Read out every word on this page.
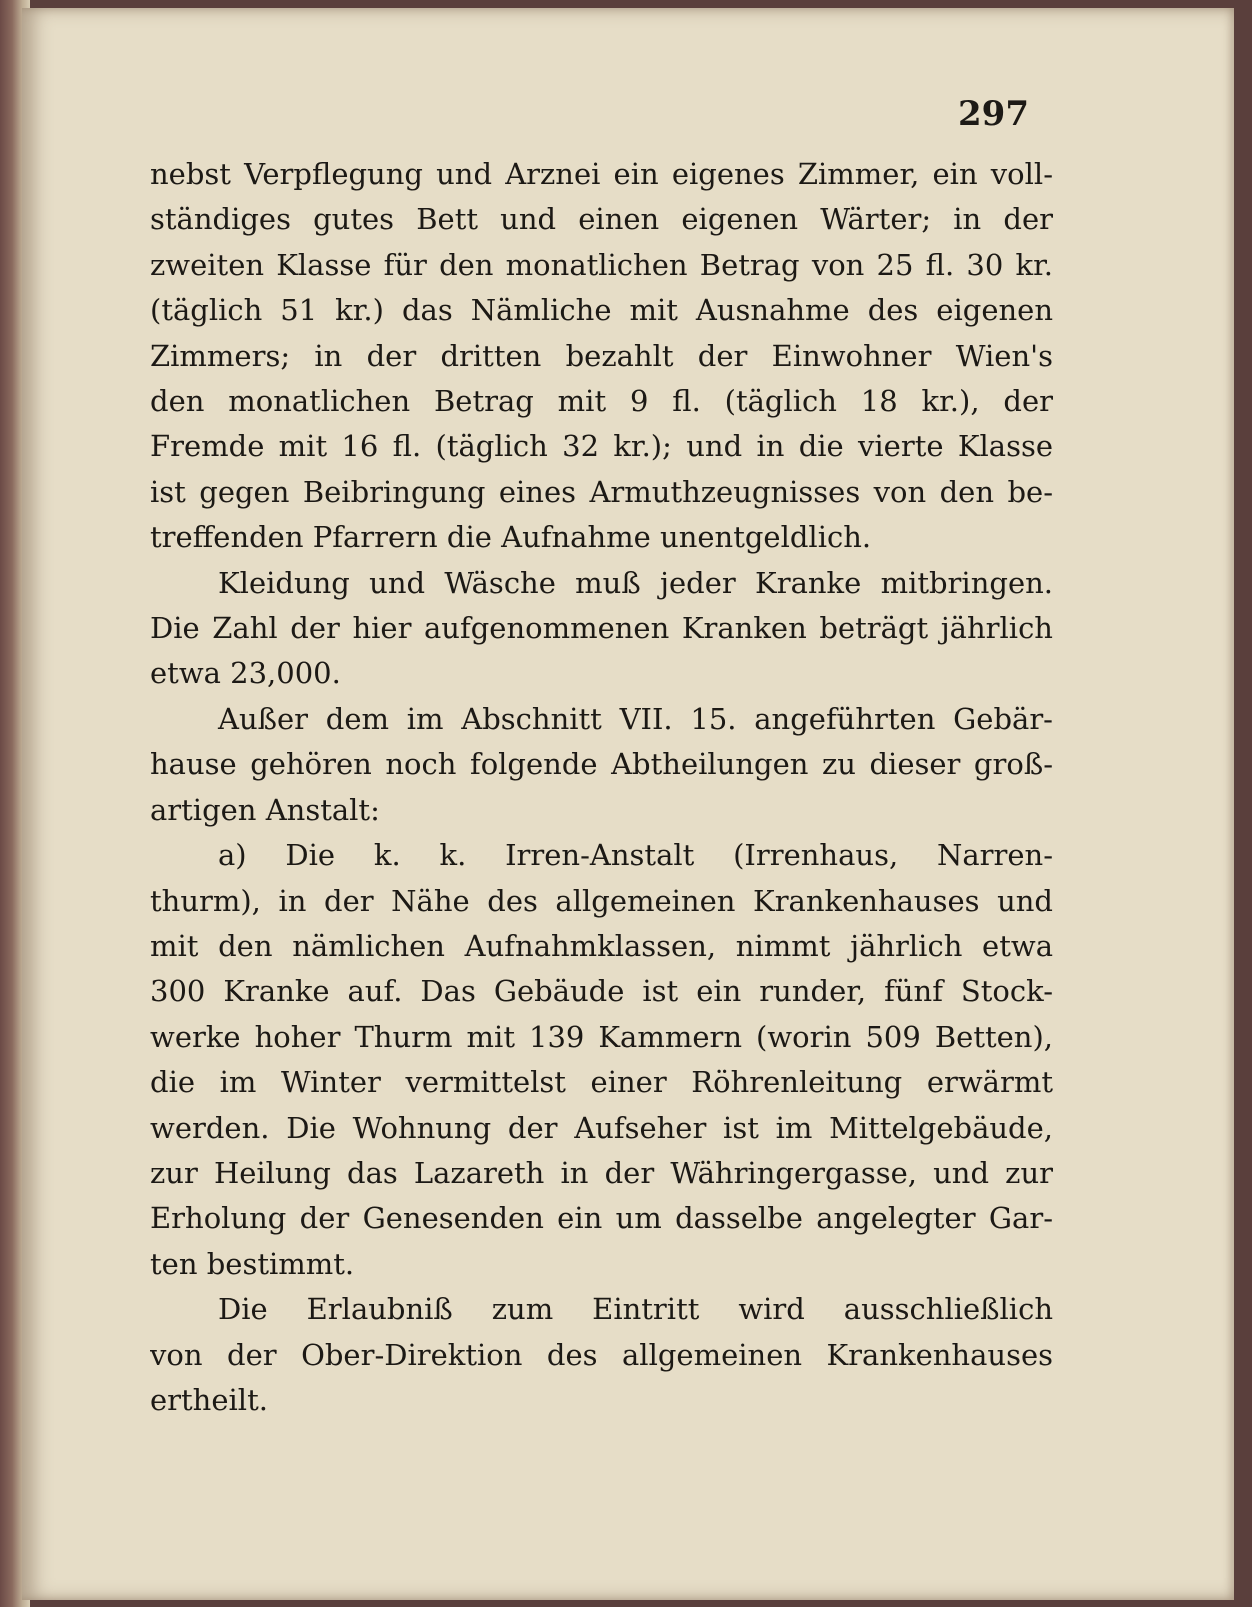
297
nebst Verpflegung und Arznei ein eigenes Zimmer, ein voll-
ständiges gutes Bett und einen eigenen Wärter; in der
zweiten Klasse für den monatlichen Betrag von 25 fl. 30 kr.
(täglich 51 kr.) das Nämliche mit Ausnahme des eigenen
Zimmers; in der dritten bezahlt der Einwohner Wien's
den monatlichen Betrag mit 9 fl. (täglich 18 kr.), der
Fremde mit 16 fl. (täglich 32 kr.); und in die vierte Klasse
ist gegen Beibringung eines Armuthzeugnisses von den be-
treffenden Pfarrern die Aufnahme unentgeldlich.
Kleidung und Wäsche muß jeder Kranke mitbringen.
Die Zahl der hier aufgenommenen Kranken beträgt jährlich
etwa 23,000.
Außer dem im Abschnitt VII. 15. angeführten Gebär-
hause gehören noch folgende Abtheilungen zu dieser groß-
artigen Anstalt:
a) Die k. k. Irren-Anstalt (Irrenhaus, Narren-
thurm), in der Nähe des allgemeinen Krankenhauses und
mit den nämlichen Aufnahmklassen, nimmt jährlich etwa
300 Kranke auf. Das Gebäude ist ein runder, fünf Stock-
werke hoher Thurm mit 139 Kammern (worin 509 Betten),
die im Winter vermittelst einer Röhrenleitung erwärmt
werden. Die Wohnung der Aufseher ist im Mittelgebäude,
zur Heilung das Lazareth in der Währingergasse, und zur
Erholung der Genesenden ein um dasselbe angelegter Gar-
ten bestimmt.
Die Erlaubniß zum Eintritt wird ausschließlich
von der Ober-Direktion des allgemeinen Krankenhauses
ertheilt.
